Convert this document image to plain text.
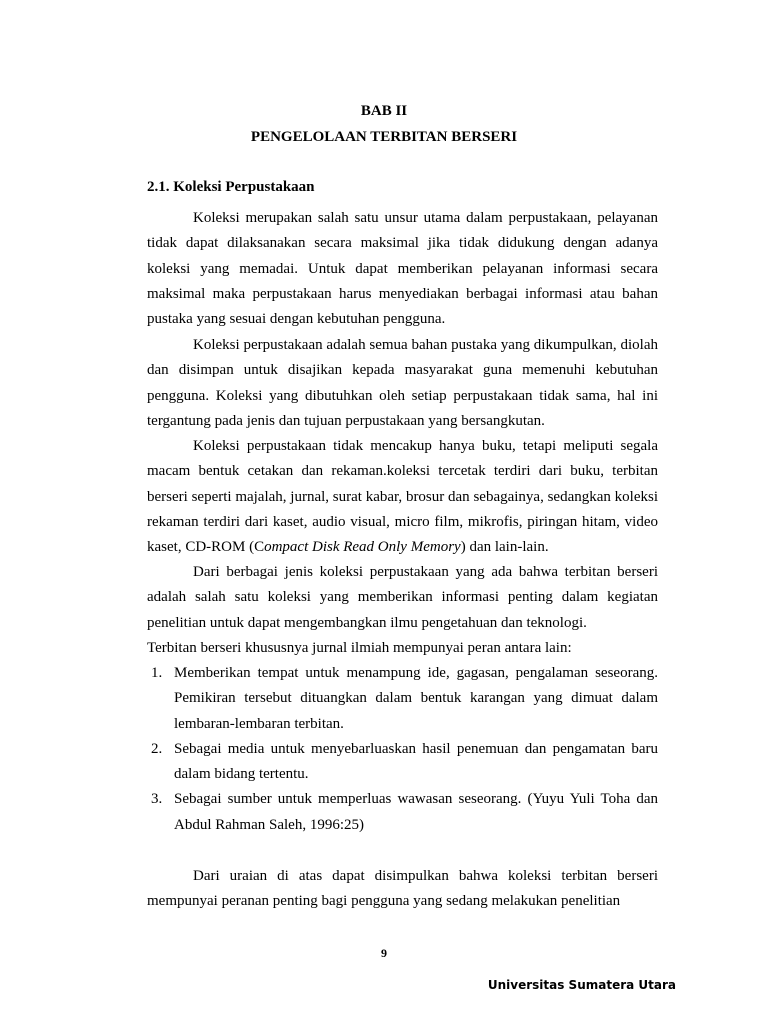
BAB II
PENGELOLAAN TERBITAN BERSERI
2.1. Koleksi Perpustakaan

Koleksi merupakan salah satu unsur utama dalam perpustakaan, pelayanan tidak dapat dilaksanakan secara maksimal jika tidak didukung dengan adanya koleksi yang memadai. Untuk dapat memberikan pelayanan informasi secara maksimal maka perpustakaan harus menyediakan berbagai informasi atau bahan pustaka yang sesuai dengan kebutuhan pengguna.

Koleksi perpustakaan adalah semua bahan pustaka yang dikumpulkan, diolah dan disimpan untuk disajikan kepada masyarakat guna memenuhi kebutuhan pengguna. Koleksi yang dibutuhkan oleh setiap perpustakaan tidak sama, hal ini tergantung pada jenis dan tujuan perpustakaan yang bersangkutan.

Koleksi perpustakaan tidak mencakup hanya buku, tetapi meliputi segala macam bentuk cetakan dan rekaman.koleksi tercetak terdiri dari buku, terbitan berseri seperti majalah, jurnal, surat kabar, brosur dan sebagainya, sedangkan koleksi rekaman terdiri dari kaset, audio visual, micro film, mikrofis, piringan hitam, video kaset, CD-ROM (Compact Disk Read Only Memory) dan lain-lain.

Dari berbagai jenis koleksi perpustakaan yang ada bahwa terbitan berseri adalah salah satu koleksi yang memberikan informasi penting dalam kegiatan penelitian untuk dapat mengembangkan ilmu pengetahuan dan teknologi.

Terbitan berseri khususnya jurnal ilmiah mempunyai peran antara lain:

1. Memberikan tempat untuk menampung ide, gagasan, pengalaman seseorang. Pemikiran tersebut dituangkan dalam bentuk karangan yang dimuat dalam lembaran-lembaran terbitan.
2. Sebagai media untuk menyebarluaskan hasil penemuan dan pengamatan baru dalam bidang tertentu.
3. Sebagai sumber untuk memperluas wawasan seseorang. (Yuyu Yuli Toha dan Abdul Rahman Saleh, 1996:25)

Dari uraian di atas dapat disimpulkan bahwa koleksi terbitan berseri mempunyai peranan penting bagi pengguna yang sedang melakukan penelitian

9
Universitas Sumatera Utara
